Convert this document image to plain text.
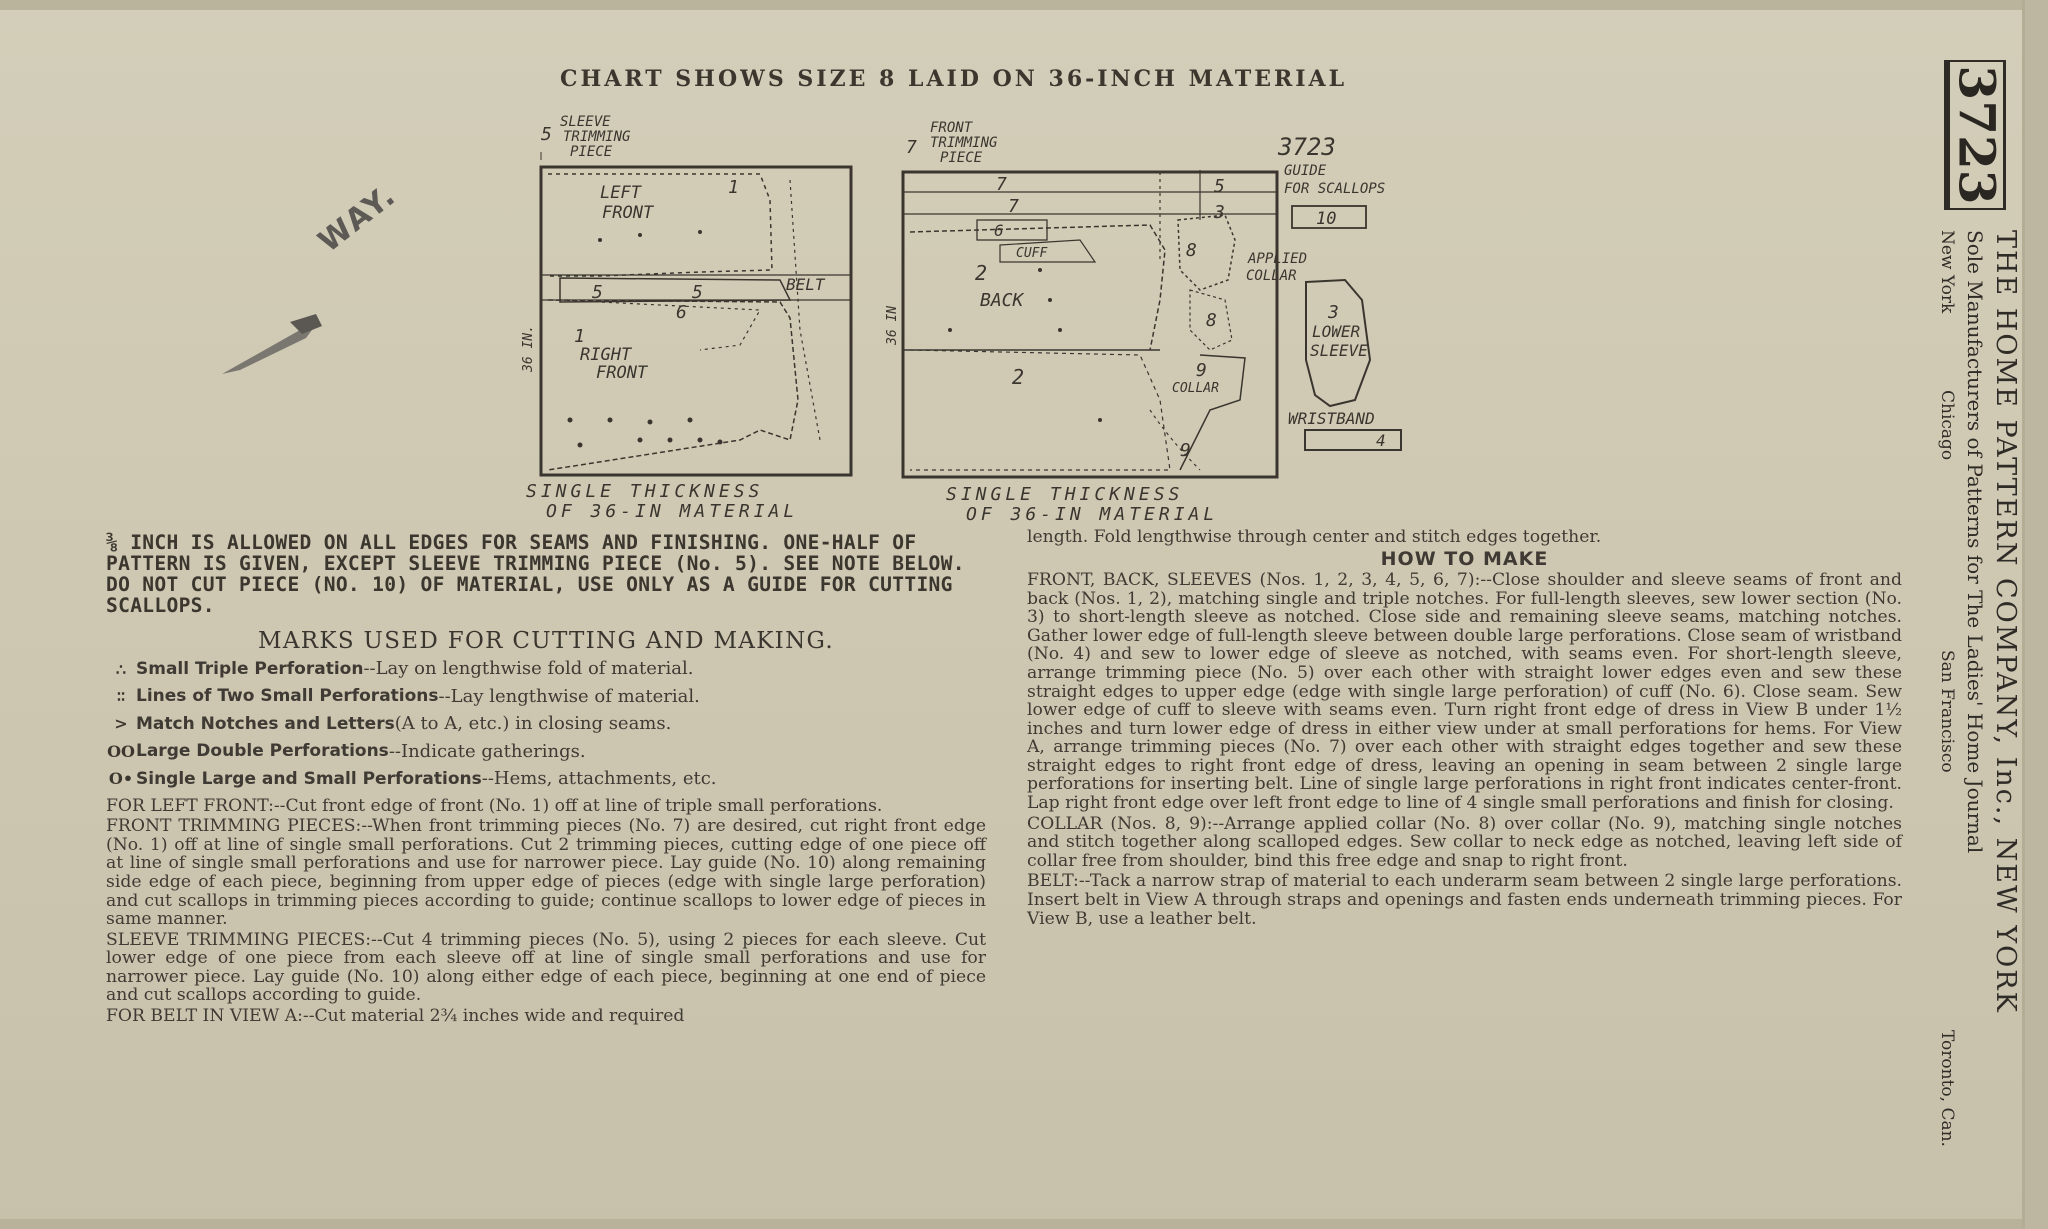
CHART SHOWS SIZE 8 LAID ON 36-INCH MATERIAL
5
SLEEVE
TRIMMING
PIECE
LEFT
FRONT
1
BELT
5	5
6
36 IN. 1
RIGHT
FRONT
SINGLE THICKNESS
OF 36-IN MATERIAL
7
FRONT
TRIMMING
PIECE	3723
GUIDE
FOR SCALLOPS
10
7	5
7	3
6
CUFF	8	APPLIED
COLLAR
2
BACK
36 IN	8
2	9
COLLAR
9
3
LOWER
SLEEVE
WRISTBAND
4
SINGLE THICKNESS
OF 36-IN MATERIAL
WAY.

⅜ INCH IS ALLOWED ON ALL EDGES FOR SEAMS AND FINISHING. ONE-HALF OF PATTERN IS GIVEN, EXCEPT SLEEVE TRIMMING PIECE (No. 5). SEE NOTE BELOW. DO NOT CUT PIECE (NO. 10) OF MATERIAL, USE ONLY AS A GUIDE FOR CUTTING SCALLOPS.

MARKS USED FOR CUTTING AND MAKING.
∴ Small Triple Perforation --Lay on lengthwise fold of material.
∶∶ Lines of Two Small Perforations --Lay lengthwise of material.
> Match Notches and Letters (A to A, etc.) in closing seams.
OO Large Double Perforations --Indicate gatherings.
O• Single Large and Small Perforations --Hems, attachments, etc.

FOR LEFT FRONT:--Cut front edge of front (No. 1) off at line of triple small perforations.

FRONT TRIMMING PIECES:--When front trimming pieces (No. 7) are desired, cut right front edge (No. 1) off at line of single small perforations. Cut 2 trimming pieces, cutting edge of one piece off at line of single small perforations and use for narrower piece. Lay guide (No. 10) along remaining side edge of each piece, beginning from upper edge of pieces (edge with single large perforation) and cut scallops in trimming pieces according to guide; continue scallops to lower edge of pieces in same manner.

SLEEVE TRIMMING PIECES:--Cut 4 trimming pieces (No. 5), using 2 pieces for each sleeve. Cut lower edge of one piece from each sleeve off at line of single small perforations and use for narrower piece. Lay guide (No. 10) along either edge of each piece, beginning at one end of piece and cut scallops according to guide.

FOR BELT IN VIEW A:--Cut material 2¾ inches wide and required

length. Fold lengthwise through center and stitch edges together.

HOW TO MAKE

FRONT, BACK, SLEEVES (Nos. 1, 2, 3, 4, 5, 6, 7):--Close shoulder and sleeve seams of front and back (Nos. 1, 2), matching single and triple notches. For full-length sleeves, sew lower section (No. 3) to short-length sleeve as notched. Close side and remaining sleeve seams, matching notches. Gather lower edge of full-length sleeve between double large perforations. Close seam of wristband (No. 4) and sew to lower edge of sleeve as notched, with seams even. For short-length sleeve, arrange trimming piece (No. 5) over each other with straight lower edges even and sew these straight edges to upper edge (edge with single large perforation) of cuff (No. 6). Close seam. Sew lower edge of cuff to sleeve with seams even. Turn right front edge of dress in View B under 1½ inches and turn lower edge of dress in either view under at small perforations for hems. For View A, arrange trimming pieces (No. 7) over each other with straight edges together and sew these straight edges to right front edge of dress, leaving an opening in seam between 2 single large perforations for inserting belt. Line of single large perforations in right front indicates center-front. Lap right front edge over left front edge to line of 4 single small perforations and finish for closing.

COLLAR (Nos. 8, 9):--Arrange applied collar (No. 8) over collar (No. 9), matching single notches and stitch together along scalloped edges. Sew collar to neck edge as notched, leaving left side of collar free from shoulder, bind this free edge and snap to right front.

BELT:--Tack a narrow strap of material to each underarm seam between 2 single large perforations. Insert belt in View A through straps and openings and fasten ends underneath trimming pieces. For View B, use a leather belt.

3723
THE HOME PATTERN COMPANY, Inc., NEW YORK
Sole Manufacturers of Patterns for The Ladies' Home Journal
New York
Chicago
San Francisco
Toronto, Can.
